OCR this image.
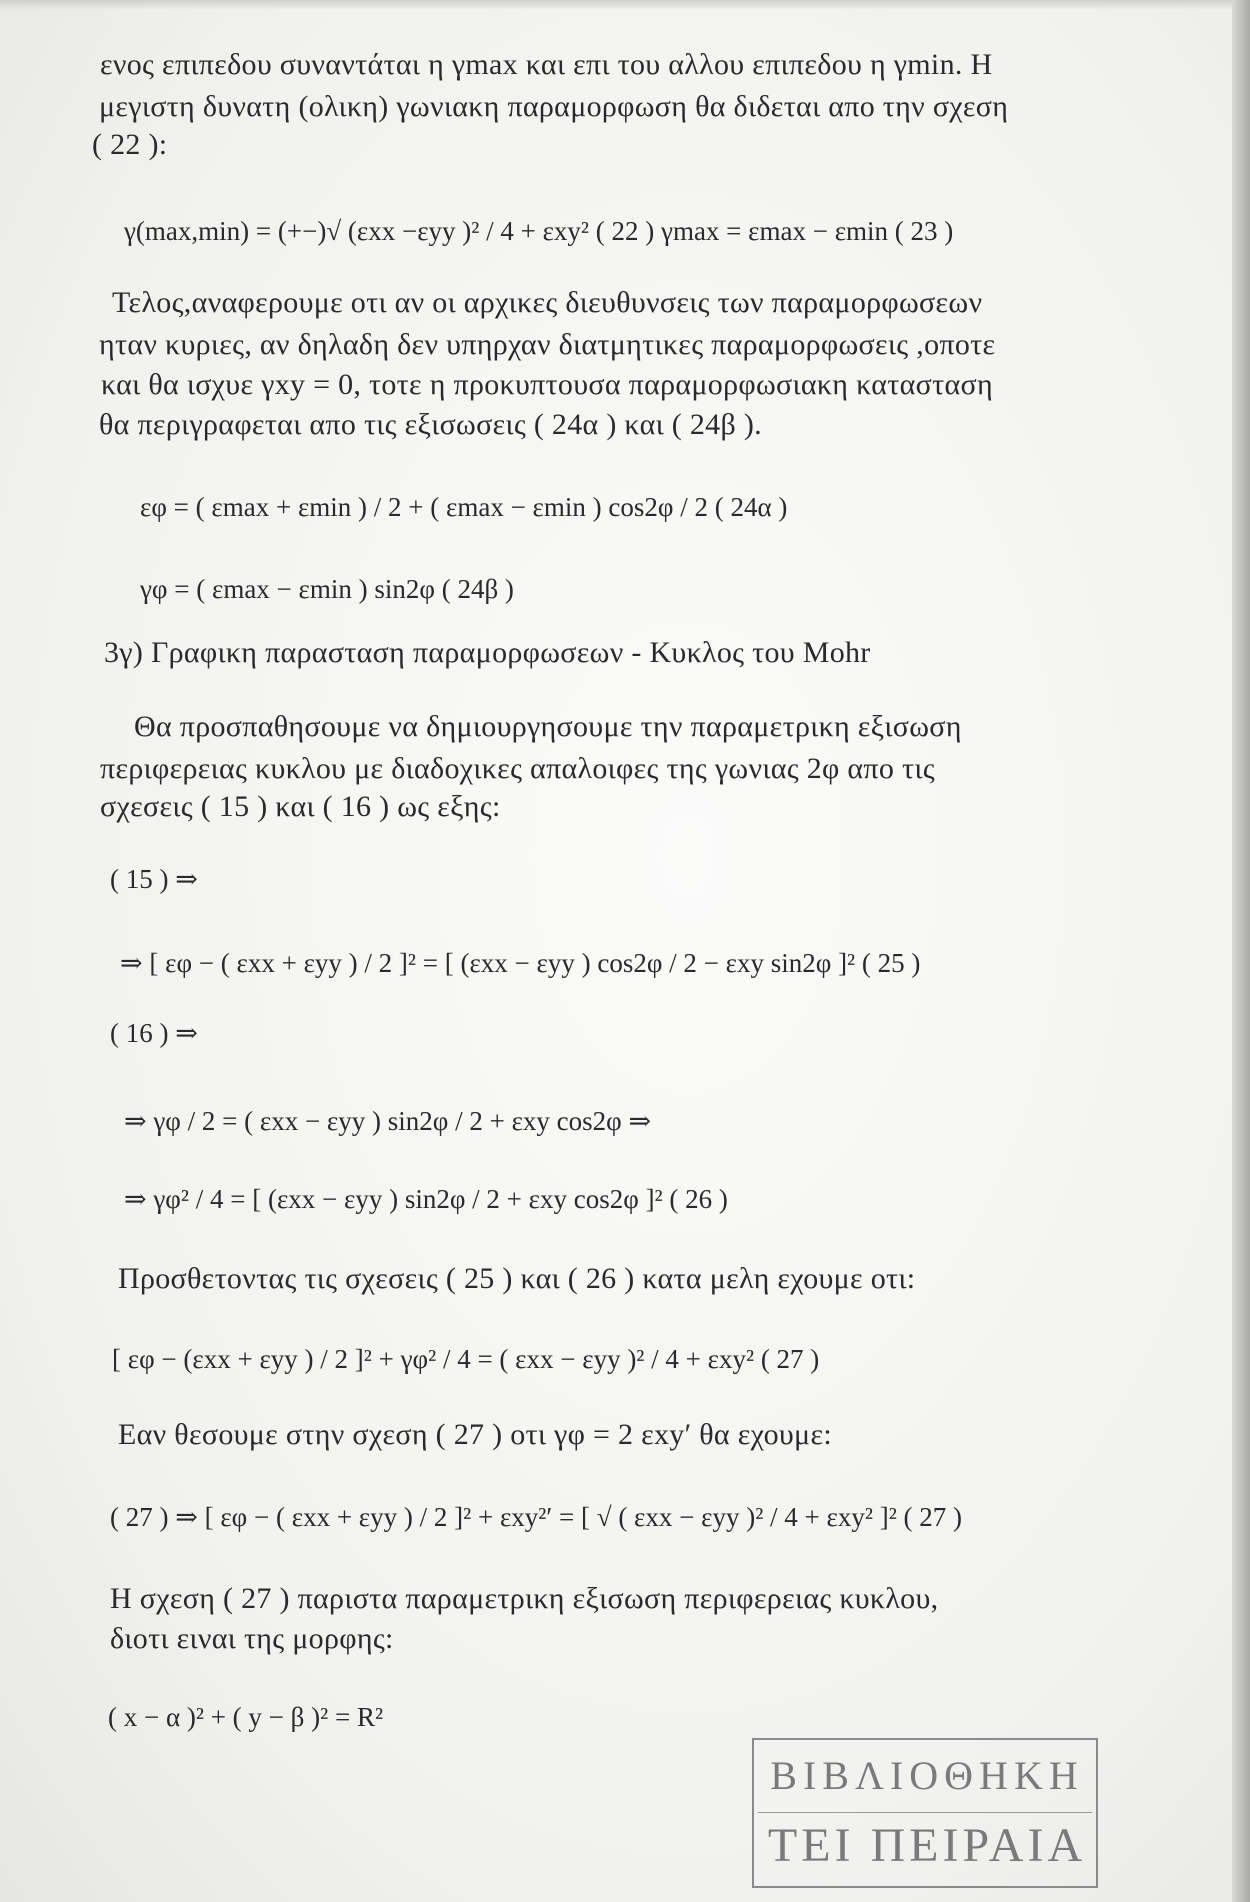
ενος επιπεδου συναντάται η γmax και επι του αλλου επιπεδου η γmin. Η
μεγιστη δυνατη (ολικη) γωνιακη παραμορφωση θα διδεται απο την σχεση
( 22 ):
γ(max,min) = (+−)√ (εxx −εyy )² / 4 + εxy² ( 22 ) γmax = εmax − εmin ( 23 )
Τελος,αναφερουμε οτι αν οι αρχικες διευθυνσεις των παραμορφωσεων
ηταν κυριες, αν δηλαδη δεν υπηρχαν διατμητικες παραμορφωσεις ,οποτε
και θα ισχυε γxy = 0, τοτε η προκυπτουσα παραμορφωσιακη κατασταση
θα περιγραφεται απο τις εξισωσεις ( 24α ) και ( 24β ).
εφ = ( εmax + εmin ) / 2 + ( εmax − εmin ) cos2φ / 2 ( 24α )
γφ = ( εmax − εmin ) sin2φ ( 24β )
3γ) Γραφικη παρασταση παραμορφωσεων - Κυκλος του Mohr
Θα προσπαθησουμε να δημιουργησουμε την παραμετρικη εξισωση
περιφερειας κυκλου με διαδοχικες απαλοιφες της γωνιας 2φ απο τις
σχεσεις ( 15 ) και ( 16 ) ως εξης:
( 15 ) ⇒
⇒ [ εφ − ( εxx + εyy ) / 2 ]² = [ (εxx − εyy ) cos2φ / 2 − εxy sin2φ ]² ( 25 )
( 16 ) ⇒
⇒ γφ / 2 = ( εxx − εyy ) sin2φ / 2 + εxy cos2φ ⇒
⇒ γφ² / 4 = [ (εxx − εyy ) sin2φ / 2 + εxy cos2φ ]² ( 26 )
Προσθετοντας τις σχεσεις ( 25 ) και ( 26 ) κατα μελη εχουμε οτι:
[ εφ − (εxx + εyy ) / 2 ]² + γφ² / 4 = ( εxx − εyy )² / 4 + εxy² ( 27 )
Εαν θεσουμε στην σχεση ( 27 ) οτι γφ = 2 εxy′ θα εχουμε:
( 27 ) ⇒ [ εφ − ( εxx + εyy ) / 2 ]² + εxy²′ = [ √ ( εxx − εyy )² / 4 + εxy² ]² ( 27 )
Η σχεση ( 27 ) παριστα παραμετρικη εξισωση περιφερειας κυκλου,
διοτι ειναι της μορφης:
( x − α )² + ( y − β )² = R²
ΒΙΒΛΙΟΘΗΚΗ
ΤΕΙ ΠΕΙΡΑΙΑ
